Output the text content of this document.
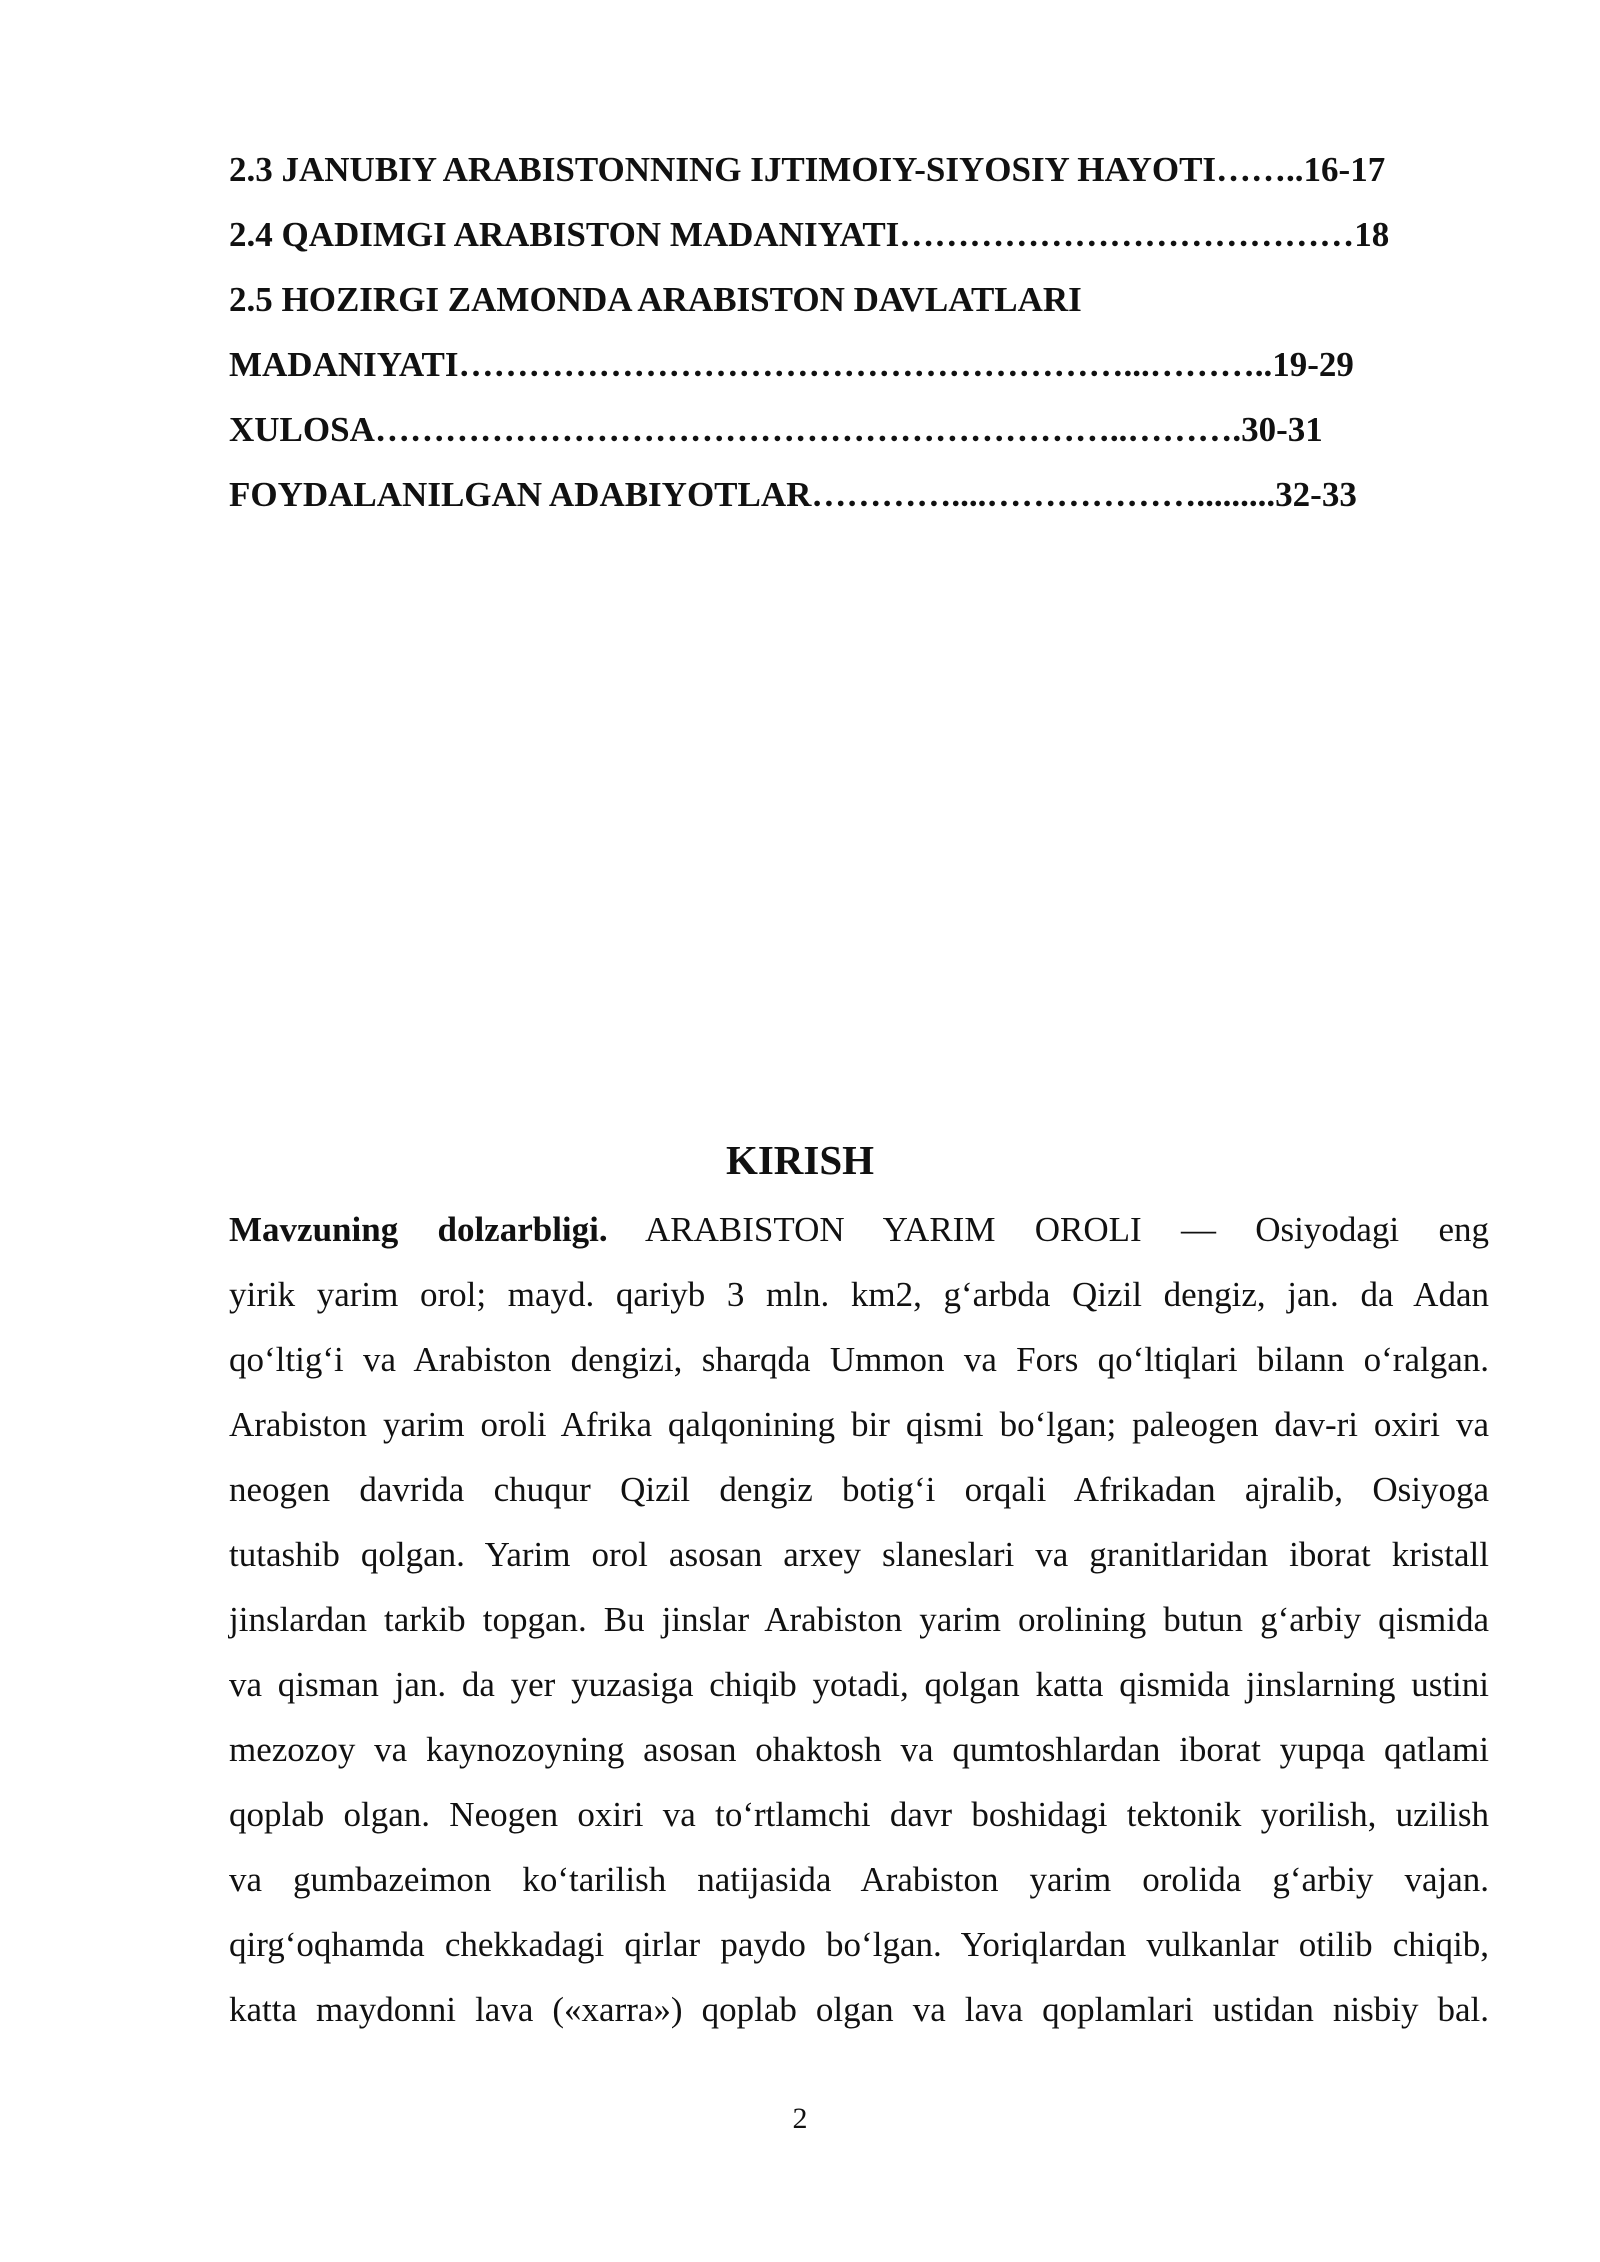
2.3 JANUBIY ARABISTONNING IJTIMOIY-SIYOSIY HAYOTI……..16-17
2.4 QADIMGI ARABISTON MADANIYATI…………………………………18
2.5 HOZIRGI ZAMONDA ARABISTON DAVLATLARI
MADANIYATI…………………………………………………...………..19-29
XULOSA………………………………………………………..……….30-31
FOYDALANILGAN ADABIYOTLAR…………....……………….........32-33
KIRISH
Mavzuning dolzarbligi. ARABISTON YARIM OROLI — Osiyodagi eng
yirik yarim orol; mayd. qariyb 3 mln. km2, g‘arbda Qizil dengiz, jan. da Adan
qo‘ltig‘i va Arabiston dengizi, sharqda Ummon va Fors qo‘ltiqlari bilann o‘ralgan.
Arabiston yarim oroli Afrika qalqonining bir qismi bo‘lgan; paleogen dav-ri oxiri va
neogen davrida chuqur Qizil dengiz botig‘i orqali Afrikadan ajralib, Osiyoga
tutashib qolgan. Yarim orol asosan arxey slaneslari va granitlaridan iborat kristall
jinslardan tarkib topgan. Bu jinslar Arabiston yarim orolining butun g‘arbiy qismida
va qisman jan. da yer yuzasiga chiqib yotadi, qolgan katta qismida jinslarning ustini
mezozoy va kaynozoyning asosan ohaktosh va qumtoshlardan iborat yupqa qatlami
qoplab olgan. Neogen oxiri va to‘rtlamchi davr boshidagi tektonik yorilish, uzilish
va gumbazeimon ko‘tarilish natijasida Arabiston yarim orolida g‘arbiy vajan.
qirg‘oqhamda chekkadagi qirlar paydo bo‘lgan. Yoriqlardan vulkanlar otilib chiqib,
katta maydonni lava («xarra») qoplab olgan va lava qoplamlari ustidan nisbiy bal.
2
